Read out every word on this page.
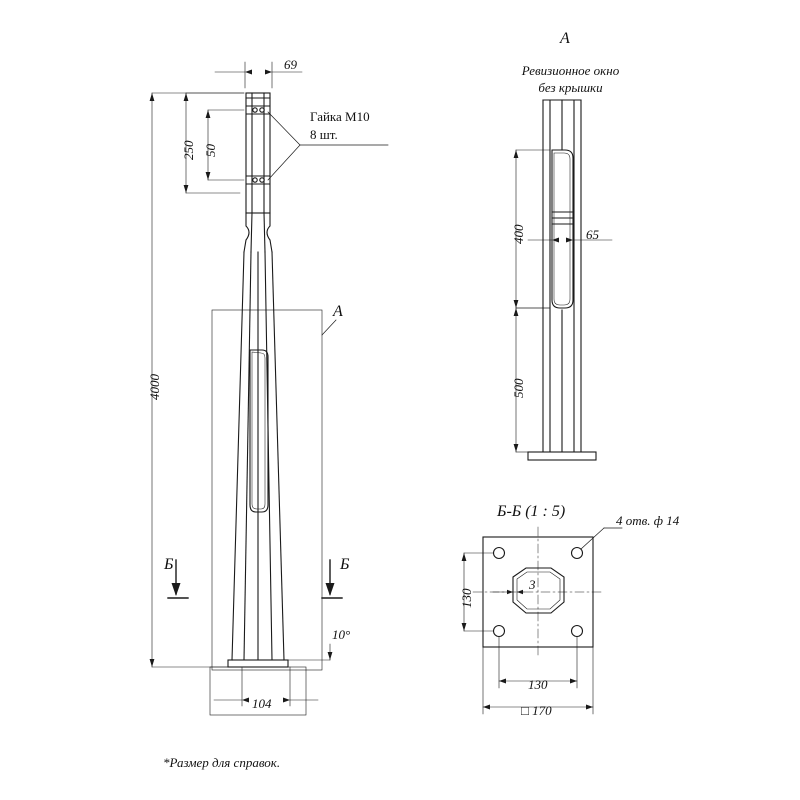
69
250 50
4000
Гайка М10
8 шт.
А
Б	Б
10°
104
А
Ревизионное окно
без крышки
400
500
65
Б-Б (1 : 5)
4 отв. ф 14
130
3
130
□ 170
*Размер для справок.
